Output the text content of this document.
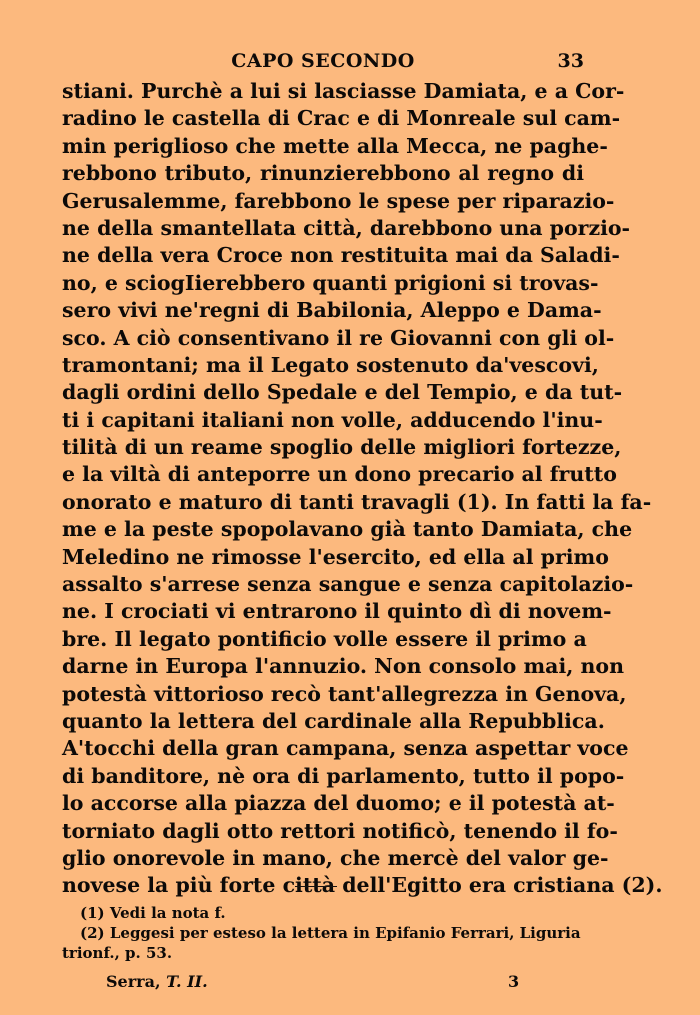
CAPO SECONDO	33
stiani. Purchè a lui si lasciasse Damiata, e a Cor-
radino le castella di Crac e di Monreale sul cam-
min periglioso che mette alla Mecca, ne paghe-
rebbono tributo, rinunzierebbono al regno di
Gerusalemme, farebbono le spese per riparazio-
ne della smantellata città, darebbono una porzio-
ne della vera Croce non restituita mai da Saladi-
no, e sciogIierebbero quanti prigioni si trovas-
sero vivi ne'regni di Babilonia, Aleppo e Dama-
sco. A ciò consentivano il re Giovanni con gli ol-
tramontani; ma il Legato sostenuto da'vescovi,
dagli ordini dello Spedale e del Tempio, e da tut-
ti i capitani italiani non volle, adducendo l'inu-
tilità di un reame spoglio delle migliori fortezze,
e la viltà di anteporre un dono precario al frutto
onorato e maturo di tanti travagli (1). In fatti la fa-
me e la peste spopolavano già tanto Damiata, che
Meledino ne rimosse l'esercito, ed ella al primo
assalto s'arrese senza sangue e senza capitolazio-
ne. I crociati vi entrarono il quinto dì di novem-
bre. Il legato pontificio volle essere il primo a
darne in Europa l'annuzio. Non consolo mai, non
potestà vittorioso recò tant'allegrezza in Genova,
quanto la lettera del cardinale alla Repubblica.
A'tocchi della gran campana, senza aspettar voce
di banditore, nè ora di parlamento, tutto il popo-
lo accorse alla piazza del duomo; e il potestà at-
torniato dagli otto rettori notificò, tenendo il fo-
glio onorevole in mano, che mercè del valor ge-
novese la più forte città dell'Egitto era cristiana (2).
(1) Vedi la nota f.
(2) Leggesi per esteso la lettera in Epifanio Ferrari, Liguria
trionf., p. 53.
Serra, T. II.	3
